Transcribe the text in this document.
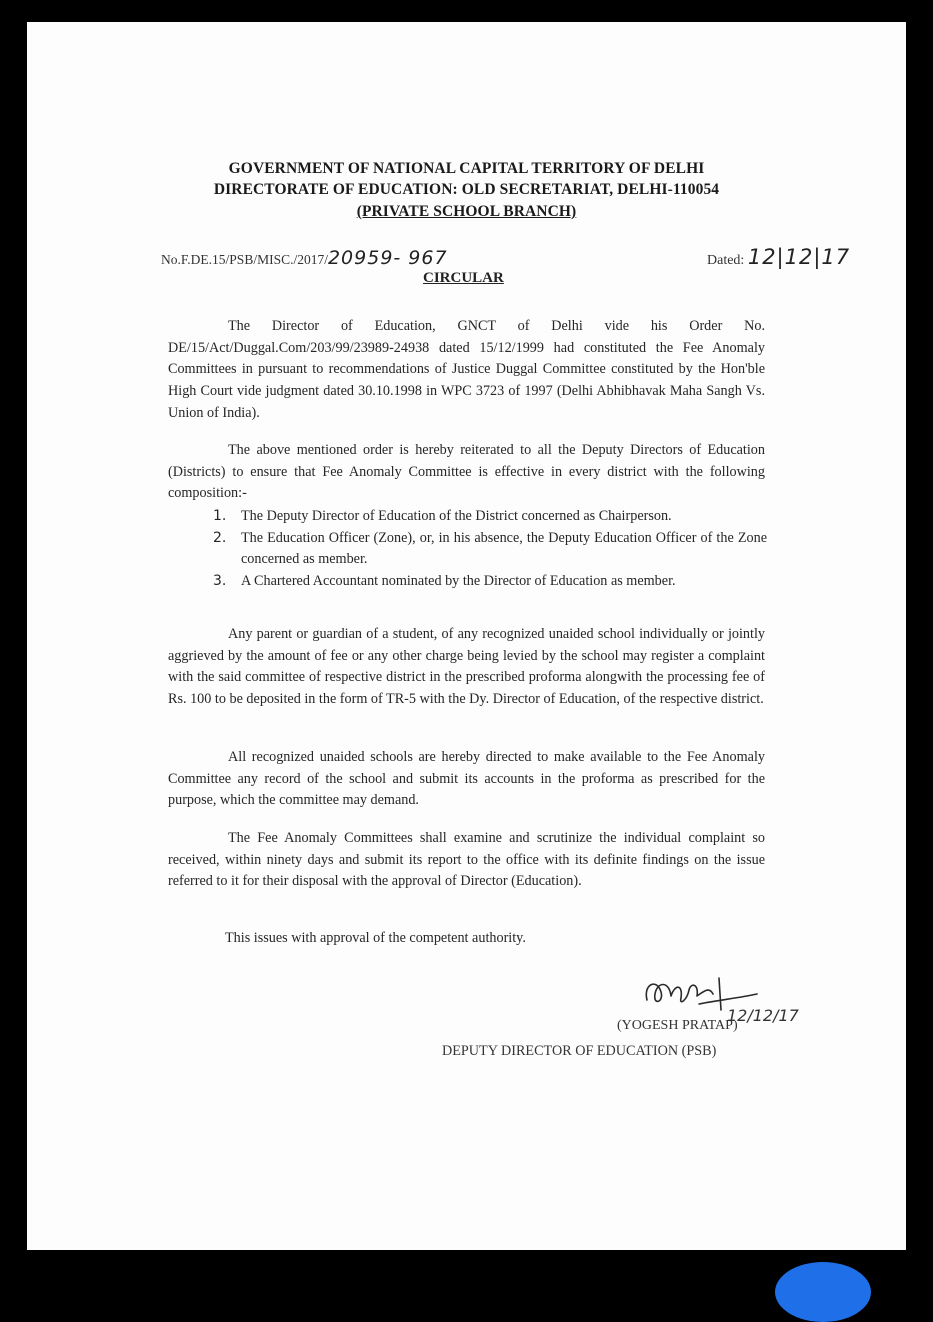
GOVERNMENT OF NATIONAL CAPITAL TERRITORY OF DELHI
DIRECTORATE OF EDUCATION: OLD SECRETARIAT, DELHI-110054
(PRIVATE SCHOOL BRANCH)
No.F.DE.15/PSB/MISC./2017/20959- 967	Dated: 12|12|17
CIRCULAR

The Director of Education, GNCT of Delhi vide his Order No. DE/15/Act/Duggal.Com/203/99/23989-24938 dated 15/12/1999 had constituted the Fee Anomaly Committees in pursuant to recommendations of Justice Duggal Committee constituted by the Hon'ble High Court vide judgment dated 30.10.1998 in WPC 3723 of 1997 (Delhi Abhibhavak Maha Sangh Vs. Union of India).

The above mentioned order is hereby reiterated to all the Deputy Directors of Education (Districts) to ensure that Fee Anomaly Committee is effective in every district with the following composition:-

1. The Deputy Director of Education of the District concerned as Chairperson.
2. The Education Officer (Zone), or, in his absence, the Deputy Education Officer of the Zone concerned as member.
3. A Chartered Accountant nominated by the Director of Education as member.

Any parent or guardian of a student, of any recognized unaided school individually or jointly aggrieved by the amount of fee or any other charge being levied by the school may register a complaint with the said committee of respective district in the prescribed proforma alongwith the processing fee of Rs. 100 to be deposited in the form of TR-5 with the Dy. Director of Education, of the respective district.

All recognized unaided schools are hereby directed to make available to the Fee Anomaly Committee any record of the school and submit its accounts in the proforma as prescribed for the purpose, which the committee may demand.

The Fee Anomaly Committees shall examine and scrutinize the individual complaint so received, within ninety days and submit its report to the office with its definite findings on the issue referred to it for their disposal with the approval of Director (Education).

This issues with approval of the competent authority.

12/12/17
(YOGESH PRATAP)
DEPUTY DIRECTOR OF EDUCATION (PSB)
